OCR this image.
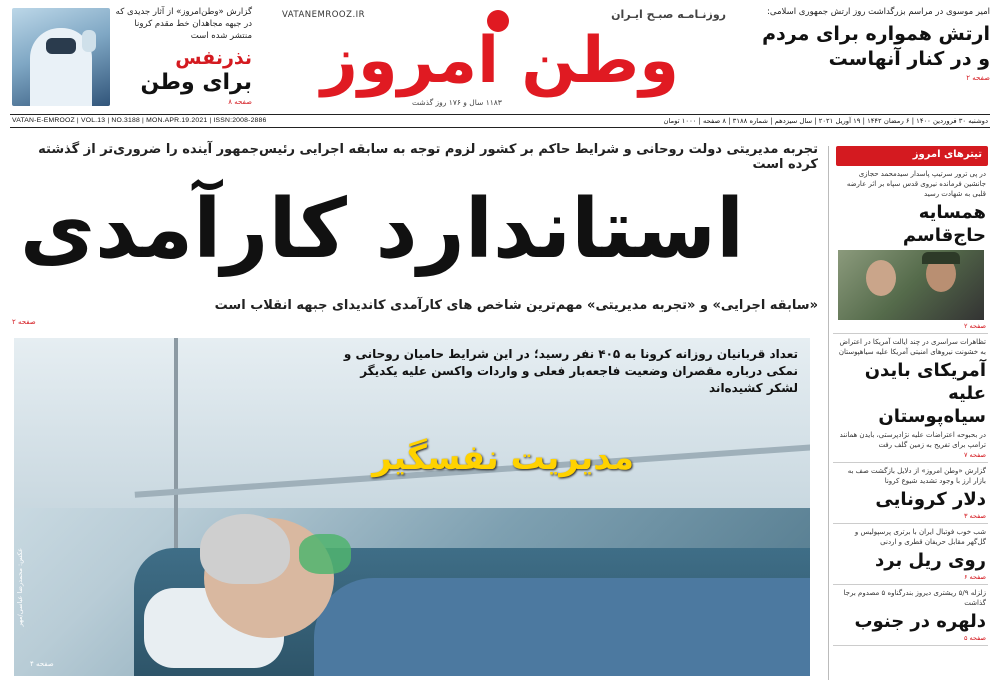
گزارش «وطن‌امروز» از آثار جدیدی که در جبهه مجاهدان خط مقدم کرونا منتشر شده است
نذرنفس
برای وطن
صفحه ۸
VATANEMROOZ.IR	روزنـامـه صبـح ایـران
وطن امروز
۱۱۸۳ سال و ۱۷۶ روز گذشت
امیر موسوی در مراسم بزرگداشت روز ارتش جمهوری اسلامی:
ارتش همواره برای مردم و در کنار آنهاست
صفحه ۲
VATAN-E-EMROOZ | VOL.13 | NO.3188 | MON.APR.19.2021 | ISSN:2008-2886	دوشنبه ۳۰ فروردین ۱۴۰۰ | ۶ رمضان ۱۴۴۲ | ۱۹ آوریل ۲۰۲۱ | سال سیزدهم | شماره ۳۱۸۸ | ۸ صفحه | ۱۰۰۰ تومان
تجربه مدیریتی دولت روحانی و شرایط حاکم بر کشور لزوم توجه به سابقه اجرایی رئیس‌جمهور آینده را ضروری‌تر از گذشته کرده است
استاندارد کارآمدی
«سابقه اجرایی» و «تجربه مدیریتی» مهم‌ترین شاخص های کارآمدی کاندیدای جبهه انقلاب است
صفحه ۲
تعداد قربانیان روزانه کرونا به ۴۰۵ نفر رسید؛ در این شرایط حامیان روحانی و نمکی درباره مقصران وضعیت فاجعه‌بار فعلی و واردات واکسن علیه یکدیگر لشکر کشیده‌اند
مدیریت نفسگیر
عکس: محمدرضا عباسی/مهر
صفحه ۴
تیترهای امروز
در پی ترور سرتیپ پاسدار سیدمحمد حجازی جانشین فرمانده نیروی قدس سپاه بر اثر عارضه قلبی به شهادت رسید
همسایه حاج‌قاسم
صفحه ۲
تظاهرات سراسری در چند ایالت آمریکا در اعتراض به خشونت نیروهای امنیتی آمریکا علیه سیاهپوستان
آمریکای بایدن علیه سیاه‌پوستان
در بحبوحه اعتراضات علیه نژادپرستی، بایدن همانند ترامپ برای تفریح به زمین گلف رفت
صفحه ۷
گزارش «وطن امروز» از دلایل بازگشت صف به بازار ارز با وجود تشدید شیوع کرونا
دلار کرونایی
صفحه ۳
شب خوب فوتبال ایران با برتری پرسپولیس و گل‌گهر مقابل حریفان قطری و اردنی
روی ریل برد
صفحه ۶
زلزله ۵/۹ ریشتری دیروز بندرگناوه ۵ مصدوم برجا گذاشت
دلهره در جنوب
صفحه ۵
